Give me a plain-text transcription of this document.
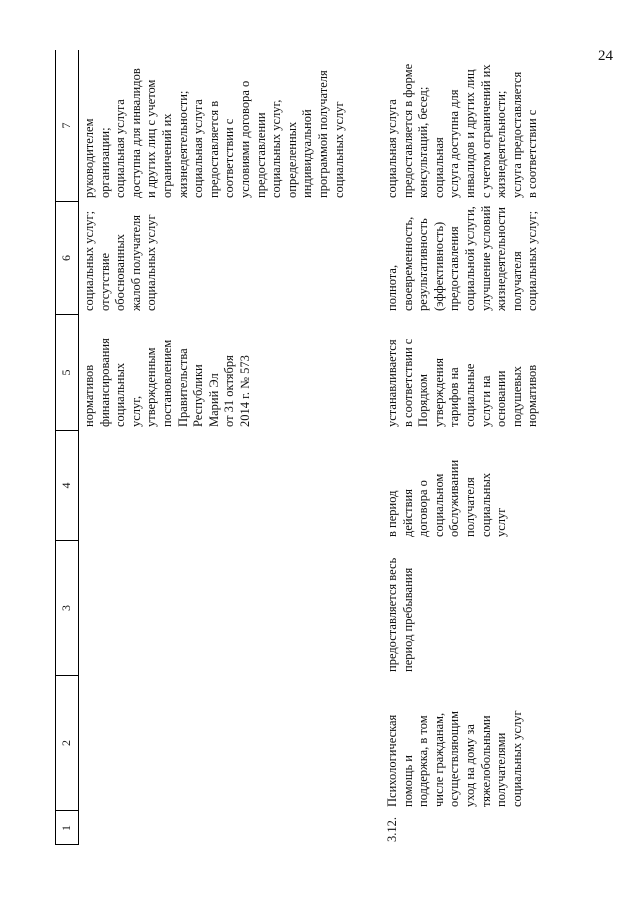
24
1
2
3
4
5
6
7
нормативов
финансирования
социальных
услуг,
утвержденным
постановлением
Правительства
Республики
Марий Эл
от 31 октября
2014 г. № 573
социальных услуг;
отсутствие
обоснованных
жалоб получателя
социальных услуг
руководителем
организации;
социальная услуга
доступна для инвалидов
и других лиц с учетом
ограничений их
жизнедеятельности;
социальная услуга
предоставляется в
соответствии с
условиями договора о
предоставлении
социальных услуг,
определенных
индивидуальной
программой получателя
социальных услуг
3.12.
Психологическая
помощь и
поддержка, в том
числе гражданам,
осуществляющим
уход на дому за
тяжелобольными
получателями
социальных услуг
предоставляется весь
период пребывания
в период
действия
договора о
социальном
обслуживании
получателя
социальных
услуг
устанавливается
в соответствии с
Порядком
утверждения
тарифов на
социальные
услуги на
основании
подушевых
нормативов
полнота,
своевременность,
результативность
(эффективность)
предоставления
социальной услуги,
улучшение условий
жизнедеятельности
получателя
социальных услуг;
социальная услуга
предоставляется в форме
консультаций, бесед;
социальная
услуга доступна для
инвалидов и других лиц
с учетом ограничений их
жизнедеятельности;
услуга предоставляется
в соответствии с
